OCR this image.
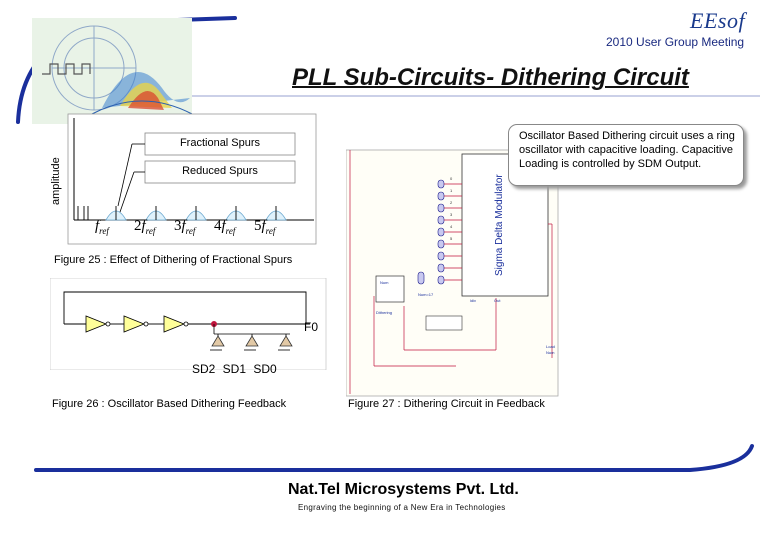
EEsof
2010 User Group Meeting
PLL Sub-Circuits- Dithering Circuit
Fractional Spurs
Reduced Spurs
amplitude
$f_{ref}$ $2f_{ref}$ $3f_{ref}$ $4f_{ref}$ $5f_{ref}$
Figure 25 : Effect of Dithering of Fractional Spurs
F0
SD2 SD1 SD0
Figure 26 : Oscillator Based Dithering Feedback
Num
Num=17
Dithering
ldiv	Out
Load
Num
Sigma Delta Modulator
0
1
2
3
4
5
Figure 27 : Dithering Circuit in Feedback
Oscillator Based Dithering circuit uses a ring oscillator with capacitive loading. Capacitive Loading is controlled by SDM Output.
Nat.Tel Microsystems Pvt. Ltd.
Engraving the beginning of a New Era in Technologies
